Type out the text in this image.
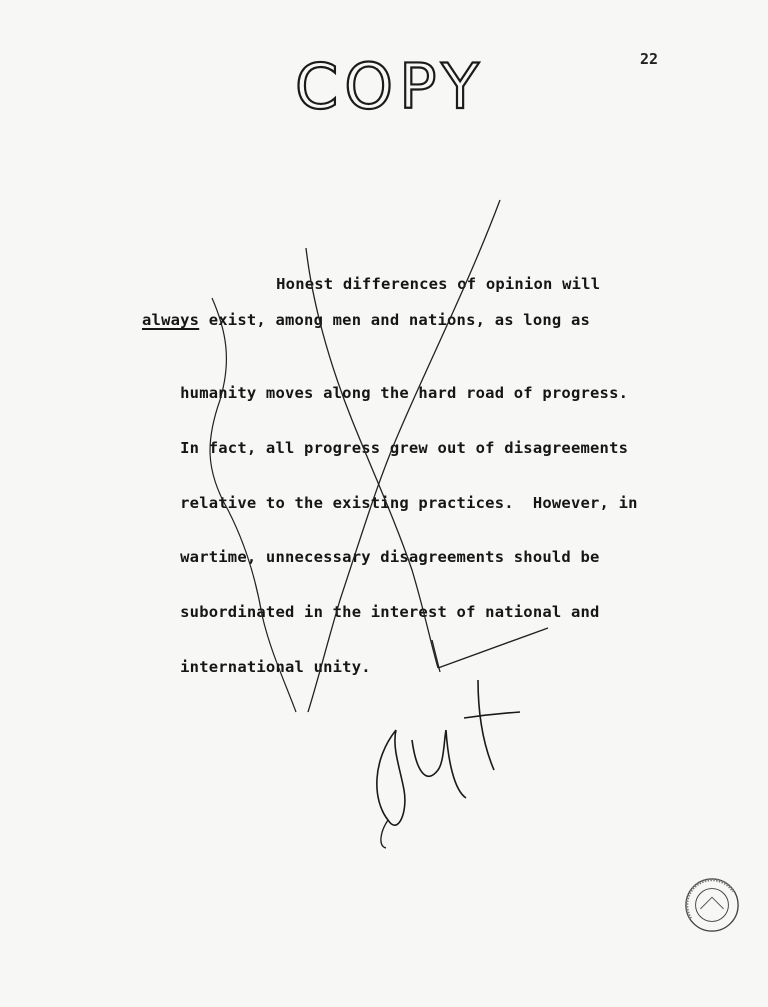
COPY	22

Honest differences of opinion will

always exist, among men and nations, as long as

humanity moves along the hard road of progress.

In fact, all progress grew out of disagreements

relative to the existing practices.  However, in

wartime, unnecessary disagreements should be

subordinated in the interest of national and

international unity.
